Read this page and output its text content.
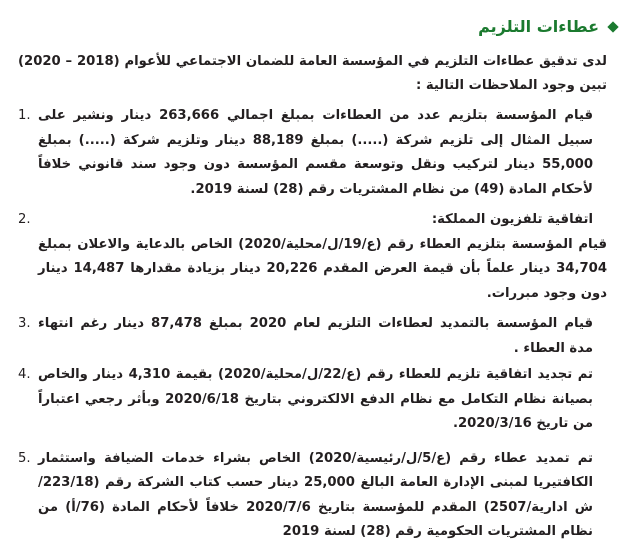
عطاءات التلزيم

لدى تدقيق عطاءات التلزيم في المؤسسة العامة للضمان الاجتماعي للأعوام (2018 – 2020) تبين وجود الملاحظات التالية :

1. قيام المؤسسة بتلزيم عدد من العطاءات بمبلغ اجمالي 263,666 دينار ونشير على سبيل المثال إلى تلزيم شركة (.....) بمبلغ 88,189 دينار وتلزيم شركة (.....) بمبلغ 55,000 دينار لتركيب ونقل وتوسعة مقسم المؤسسة دون وجود سند قانوني خلافاً لأحكام المادة (49) من نظام المشتريات رقم (28) لسنة 2019.

2.	اتفاقية تلفزيون المملكة:

قيام المؤسسة بتلزيم العطاء رقم (ع/19/ل/محلية/2020) الخاص بالدعاية والاعلان بمبلغ 34,704 دينار علماً بأن قيمة العرض المقدم 20,226 دينار بزيادة مقدارها 14,487 دينار دون وجود مبررات.

3. قيام المؤسسة بالتمديد لعطاءات التلزيم لعام 2020 بمبلغ 87,478 دينار رغم انتهاء مدة العطاء .

4. تم تجديد اتفاقية تلزيم للعطاء رقم (ع/22/ل/محلية/2020) بقيمة 4,310 دينار والخاص بصيانة نظام التكامل مع نظام الدفع الالكتروني بتاريخ 2020/6/18 وبأثر رجعي اعتباراً من تاريخ 2020/3/16.

5. تم تمديد عطاء رقم (ع/5/ل/رئيسية/2020) الخاص بشراء خدمات الضيافة واستثمار الكافتيريا لمبنى الإدارة العامة البالغ 25,000 دينار حسب كتاب الشركة رقم (223/18/ش ادارية/2507) المقدم للمؤسسة بتاريخ 2020/7/6 خلافاً لأحكام المادة (76/أ) من نظام المشتريات الحكومية رقم (28) لسنة 2019
